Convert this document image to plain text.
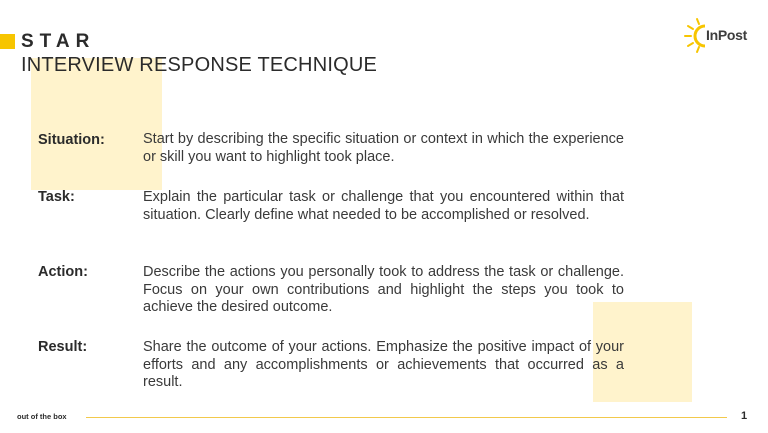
STAR
INTERVIEW RESPONSE TECHNIQUE
InPost
Situation:	Start by describing the specific situation or context in which the experience or skill you want to highlight took place.
Task:	Explain the particular task or challenge that you encountered within that situation. Clearly define what needed to be accomplished or resolved.
Action:	Describe the actions you personally took to address the task or challenge. Focus on your own contributions and highlight the steps you took to achieve the desired outcome.
Result:	Share the outcome of your actions. Emphasize the positive impact of your efforts and any accomplishments or achievements that occurred as a result.
out of the box	1
